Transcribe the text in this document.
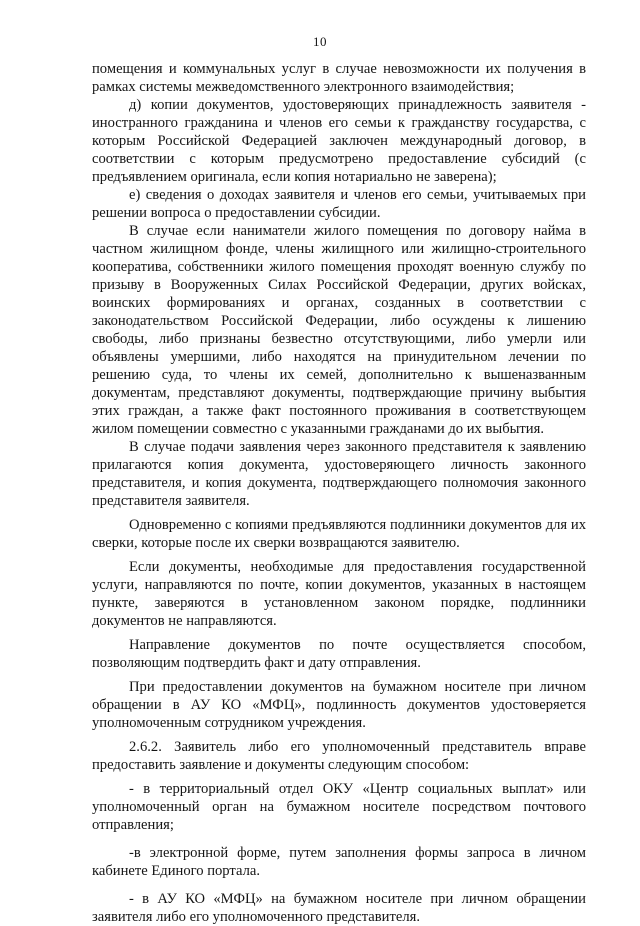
10

помещения и коммунальных услуг в случае невозможности их получения в рамках системы межведомственного электронного взаимодействия;

д) копии документов, удостоверяющих принадлежность заявителя - иностранного гражданина и членов его семьи к гражданству государства, с которым Российской Федерацией заключен международный договор, в соответствии с которым предусмотрено предоставление субсидий (с предъявлением оригинала, если копия нотариально не заверена);

е) сведения о доходах заявителя и членов его семьи, учитываемых при решении вопроса о предоставлении субсидии.

В случае если наниматели жилого помещения по договору найма в частном жилищном фонде, члены жилищного или жилищно-строительного кооператива, собственники жилого помещения проходят военную службу по призыву в Вооруженных Силах Российской Федерации, других войсках, воинских формированиях и органах, созданных в соответствии с законодательством Российской Федерации, либо осуждены к лишению свободы, либо признаны безвестно отсутствующими, либо умерли или объявлены умершими, либо находятся на принудительном лечении по решению суда, то члены их семей, дополнительно к вышеназванным документам, представляют документы, подтверждающие причину выбытия этих граждан, а также факт постоянного проживания в соответствующем жилом помещении совместно с указанными гражданами до их выбытия.

В случае подачи заявления через законного представителя к заявлению прилагаются копия документа, удостоверяющего личность законного представителя, и копия документа, подтверждающего полномочия законного представителя заявителя.

Одновременно с копиями предъявляются подлинники документов для их сверки, которые после их сверки возвращаются заявителю.

Если документы, необходимые для предоставления государственной услуги, направляются по почте, копии документов, указанных в настоящем пункте, заверяются в установленном законом порядке, подлинники документов не направляются.

Направление документов по почте осуществляется способом, позволяющим подтвердить факт и дату отправления.

При предоставлении документов на бумажном носителе при личном обращении в АУ КО «МФЦ», подлинность документов удостоверяется уполномоченным сотрудником учреждения.

2.6.2. Заявитель либо его уполномоченный представитель вправе предоставить заявление и документы следующим способом:

- в территориальный отдел ОКУ «Центр социальных выплат» или уполномоченный орган на бумажном носителе посредством почтового отправления;

-в электронной форме, путем заполнения формы запроса в личном кабинете Единого портала.

- в АУ КО «МФЦ» на бумажном носителе при личном обращении заявителя либо его уполномоченного представителя.
